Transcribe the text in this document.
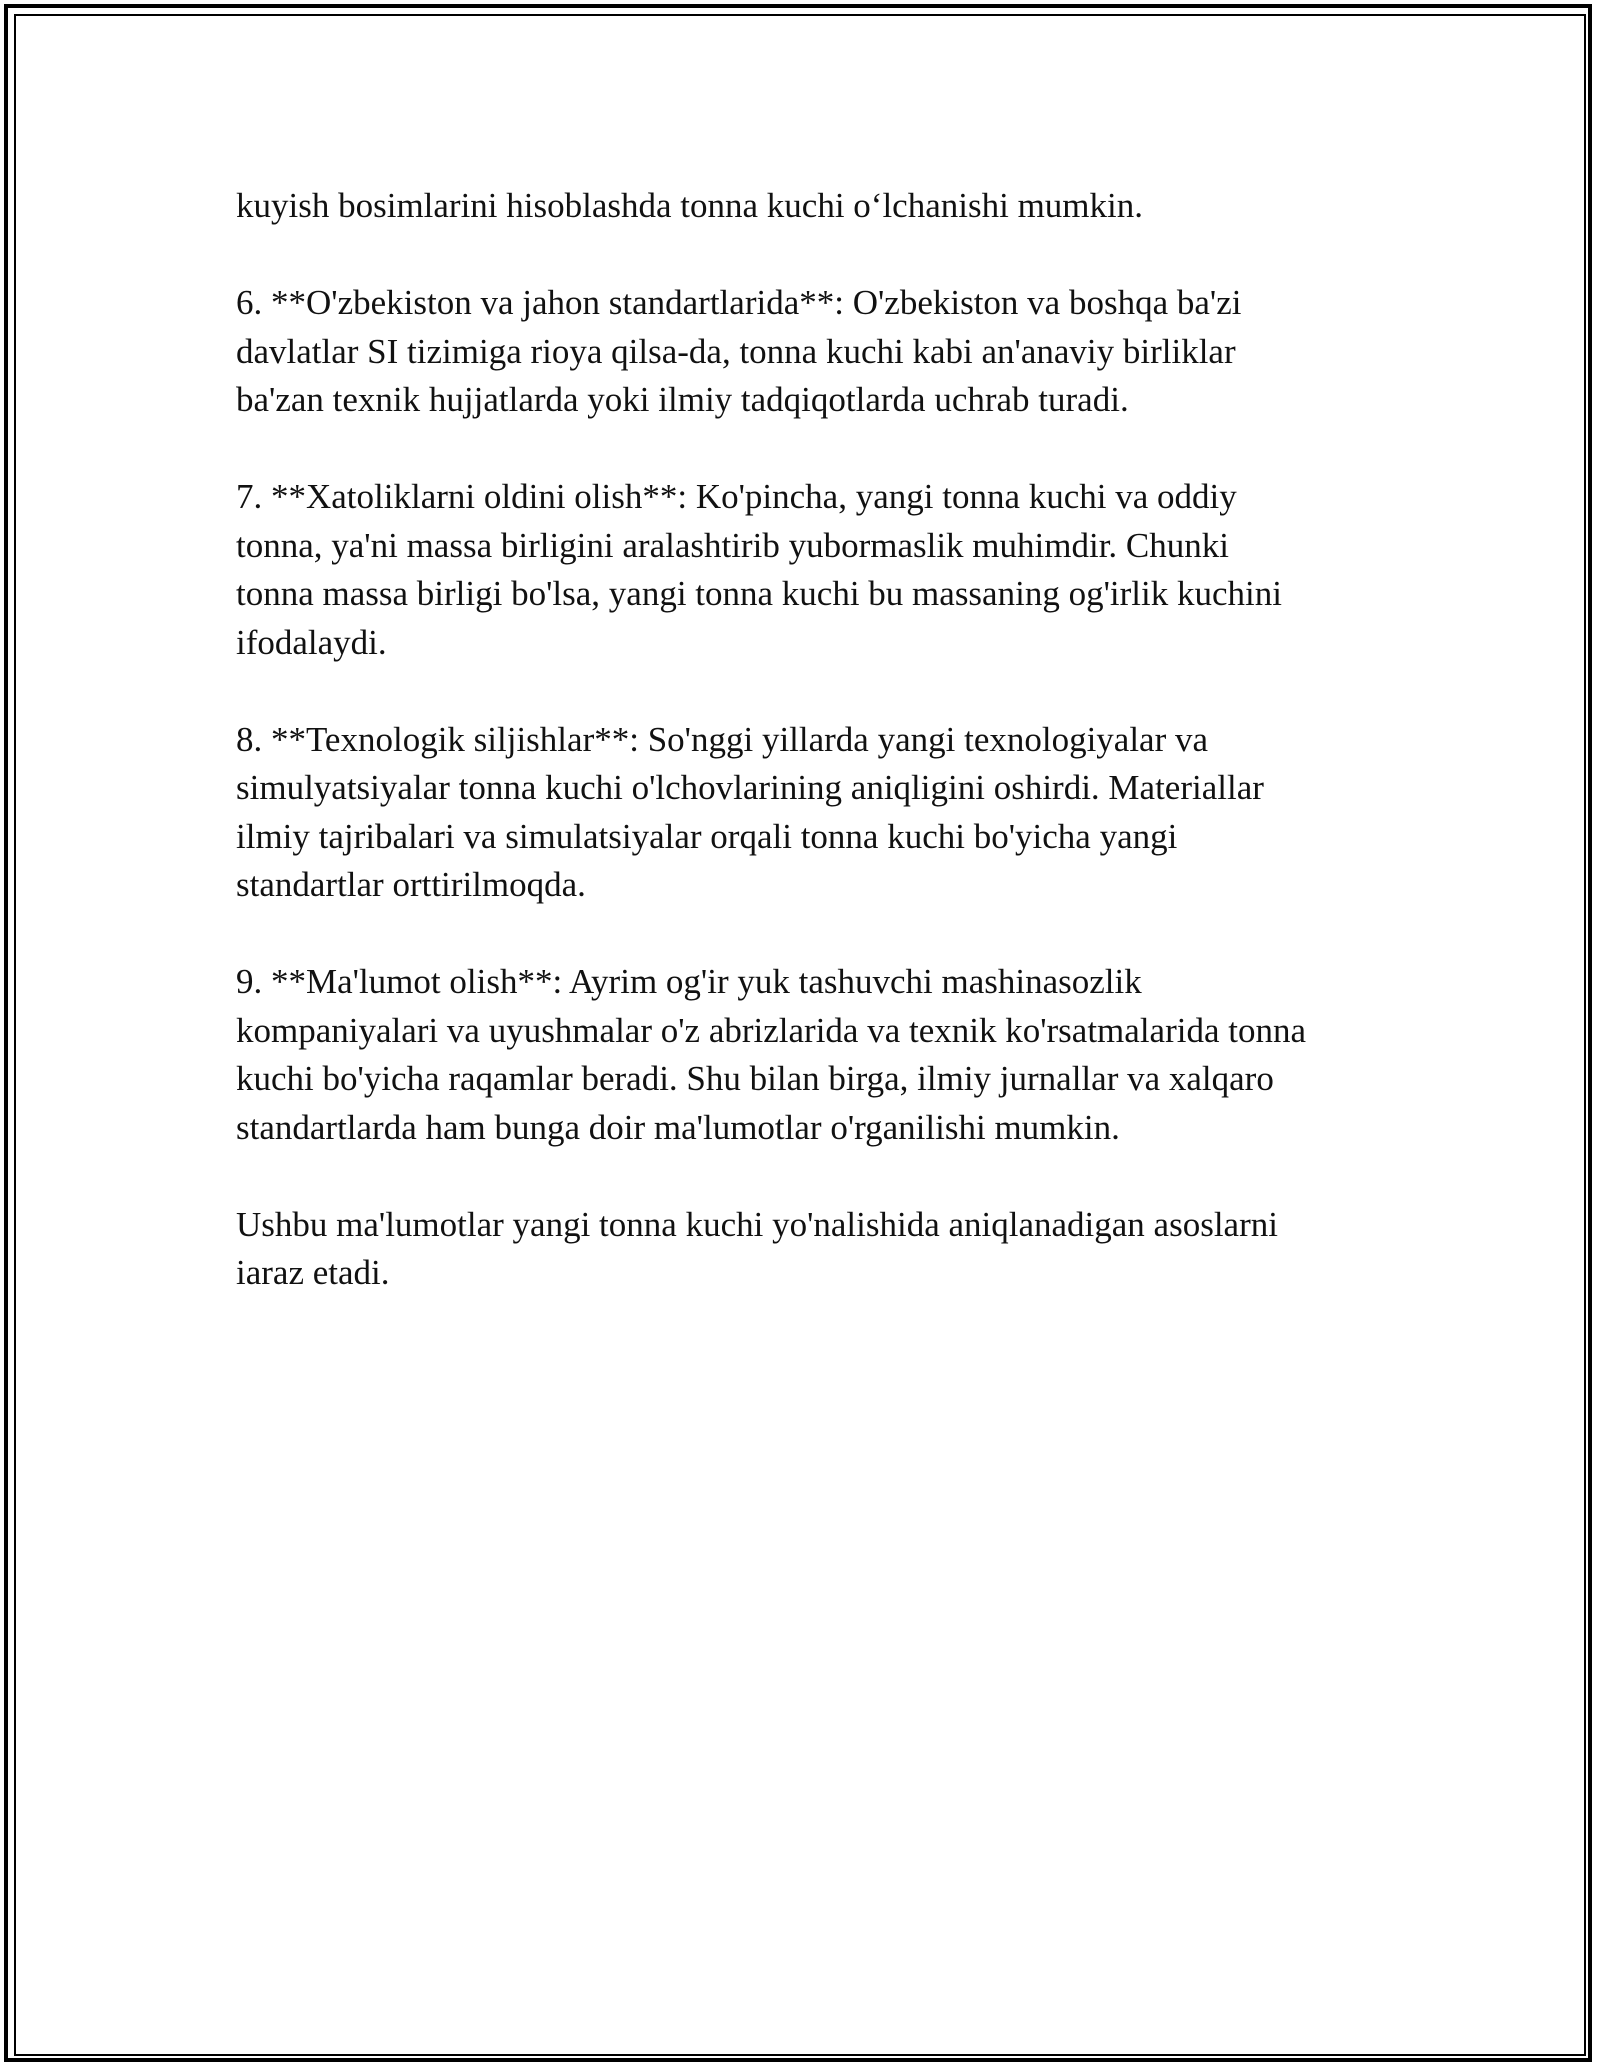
kuyish bosimlarini hisoblashda tonna kuchi o‘lchanishi mumkin.

6. **O'zbekiston va jahon standartlarida**: O'zbekiston va boshqa ba'zi
davlatlar SI tizimiga rioya qilsa-da, tonna kuchi kabi an'anaviy birliklar
ba'zan texnik hujjatlarda yoki ilmiy tadqiqotlarda uchrab turadi.

7. **Xatoliklarni oldini olish**: Ko'pincha, yangi tonna kuchi va oddiy
tonna, ya'ni massa birligini aralashtirib yubormaslik muhimdir. Chunki
tonna massa birligi bo'lsa, yangi tonna kuchi bu massaning og'irlik kuchini
ifodalaydi.

8. **Texnologik siljishlar**: So'nggi yillarda yangi texnologiyalar va
simulyatsiyalar tonna kuchi o'lchovlarining aniqligini oshirdi. Materiallar
ilmiy tajribalari va simulatsiyalar orqali tonna kuchi bo'yicha yangi
standartlar orttirilmoqda.

9. **Ma'lumot olish**: Ayrim og'ir yuk tashuvchi mashinasozlik
kompaniyalari va uyushmalar o'z abrizlarida va texnik ko'rsatmalarida tonna
kuchi bo'yicha raqamlar beradi. Shu bilan birga, ilmiy jurnallar va xalqaro
standartlarda ham bunga doir ma'lumotlar o'rganilishi mumkin.

Ushbu ma'lumotlar yangi tonna kuchi yo'nalishida aniqlanadigan asoslarni
iaraz etadi.
